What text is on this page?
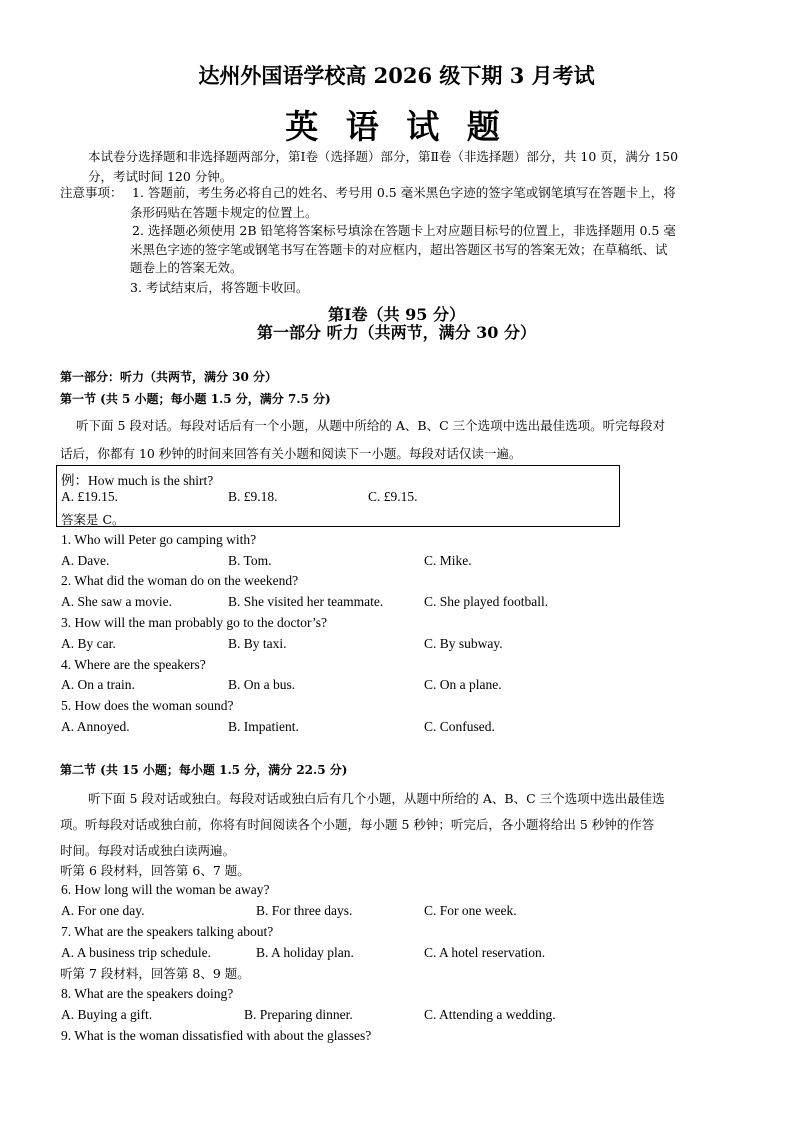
达州外国语学校高 2026 级下期 3 月考试
英 语 试 题
本试卷分选择题和非选择题两部分，第Ⅰ卷（选择题）部分，第Ⅱ卷（非选择题）部分，共 10 页，满分 150
分，考试时间 120 分钟。
注意事项： 1. 答题前，考生务必将自己的姓名、考号用 0.5 毫米黑色字迹的签字笔或钢笔填写在答题卡上，将
条形码贴在答题卡规定的位置上。
2. 选择题必须使用 2B 铅笔将答案标号填涂在答题卡上对应题目标号的位置上，非选择题用 0.5 毫
米黑色字迹的签字笔或钢笔书写在答题卡的对应框内，超出答题区书写的答案无效；在草稿纸、试
题卷上的答案无效。
3. 考试结束后，将答题卡收回。
第Ⅰ卷（共 95 分）
第一部分 听力（共两节，满分 30 分）
第一部分：听力（共两节，满分 30 分）
第一节 (共 5 小题；每小题 1.5 分，满分 7.5 分)
听下面 5 段对话。每段对话后有一个小题，从题中所给的 A、B、C 三个选项中选出最佳选项。听完每段对
话后，你都有 10 秒钟的时间来回答有关小题和阅读下一小题。每段对话仅读一遍。
例：How much is the shirt?
A. £19.15.	B. £9.18.	C. £9.15.
答案是 C。
1. Who will Peter go camping with?
A. Dave.	B. Tom.	C. Mike.
2. What did the woman do on the weekend?
A. She saw a movie.	B. She visited her teammate.	C. She played football.
3. How will the man probably go to the doctor’s?
A. By car.	B. By taxi.	C. By subway.
4. Where are the speakers?
A. On a train.	B. On a bus.	C. On a plane.
5. How does the woman sound?
A. Annoyed.	B. Impatient.	C. Confused.
第二节 (共 15 小题；每小题 1.5 分，满分 22.5 分)
听下面 5 段对话或独白。每段对话或独白后有几个小题，从题中所给的 A、B、C 三个选项中选出最佳选
项。听每段对话或独白前，你将有时间阅读各个小题，每小题 5 秒钟；听完后，各小题将给出 5 秒钟的作答
时间。每段对话或独白读两遍。
听第 6 段材料，回答第 6、7 题。
6. How long will the woman be away?
A. For one day.	B. For three days.	C. For one week.
7. What are the speakers talking about?
A. A business trip schedule.	B. A holiday plan.	C. A hotel reservation.
听第 7 段材料，回答第 8、9 题。
8. What are the speakers doing?
A. Buying a gift.	B. Preparing dinner.	C. Attending a wedding.
9. What is the woman dissatisfied with about the glasses?
